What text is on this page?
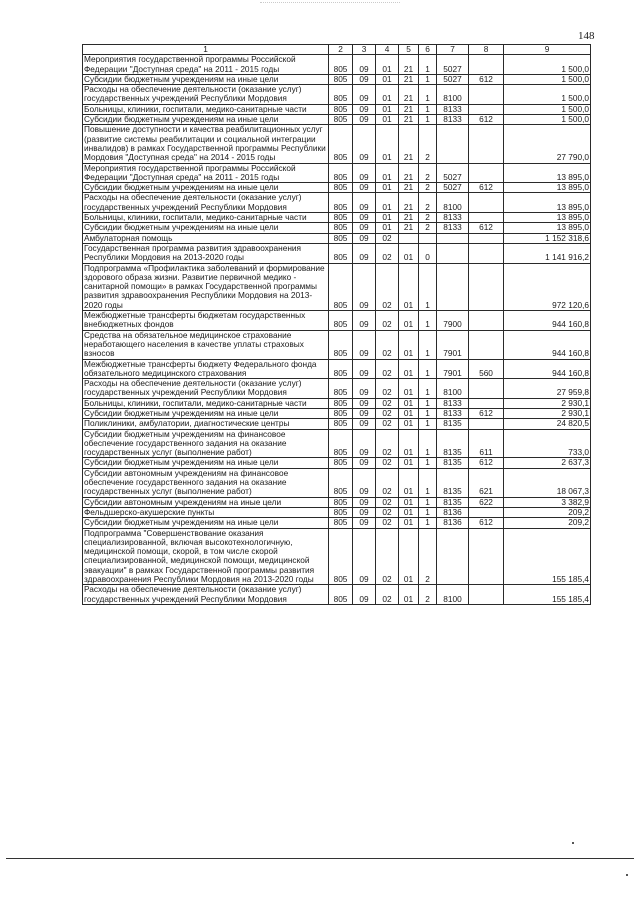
148
1	2	3	4	5	6	7	8	9
Мероприятия государственной программы Российской Федерации "Доступная среда" на 2011 - 2015 годы	805	09	01	21	1	5027		1 500,0
Субсидии бюджетным учреждениям на иные цели	805	09	01	21	1	5027	612	1 500,0
Расходы на обеспечение деятельности (оказание услуг) государственных учреждений Республики Мордовия	805	09	01	21	1	8100		1 500,0
Больницы, клиники, госпитали, медико-санитарные части	805	09	01	21	1	8133		1 500,0
Субсидии бюджетным учреждениям на иные цели	805	09	01	21	1	8133	612	1 500,0
Повышение доступности и качества реабилитационных услуг (развитие системы реабилитации и социальной интеграции инвалидов) в рамках Государственной программы Республики Мордовия "Доступная среда" на 2014 - 2015 годы	805	09	01	21	2			27 790,0
Мероприятия государственной программы Российской Федерации "Доступная среда" на 2011 - 2015 годы	805	09	01	21	2	5027		13 895,0
Субсидии бюджетным учреждениям на иные цели	805	09	01	21	2	5027	612	13 895,0
Расходы на обеспечение деятельности (оказание услуг) государственных учреждений Республики Мордовия	805	09	01	21	2	8100		13 895,0
Больницы, клиники, госпитали, медико-санитарные части	805	09	01	21	2	8133		13 895,0
Субсидии бюджетным учреждениям на иные цели	805	09	01	21	2	8133	612	13 895,0
Амбулаторная помощь	805	09	02					1 152 318,6
Государственная программа развития здравоохранения Республики Мордовия на 2013-2020 годы	805	09	02	01	0			1 141 916,2
Подпрограмма «Профилактика заболеваний и формирование здорового образа жизни. Развитие первичной медико - санитарной помощи» в рамках Государственной программы развития здравоохранения Республики Мордовия на 2013-2020 годы	805	09	02	01	1			972 120,6
Межбюджетные трансферты бюджетам государственных внебюджетных фондов	805	09	02	01	1	7900		944 160,8
Средства на обязательное медицинское страхование неработающего населения в качестве уплаты страховых взносов	805	09	02	01	1	7901		944 160,8
Межбюджетные трансферты бюджету Федерального фонда обязательного медицинского страхования	805	09	02	01	1	7901	560	944 160,8
Расходы на обеспечение деятельности (оказание услуг) государственных учреждений Республики Мордовия	805	09	02	01	1	8100		27 959,8
Больницы, клиники, госпитали, медико-санитарные части	805	09	02	01	1	8133		2 930,1
Субсидии бюджетным учреждениям на иные цели	805	09	02	01	1	8133	612	2 930,1
Поликлиники, амбулатории, диагностические центры	805	09	02	01	1	8135		24 820,5
Субсидии бюджетным учреждениям на финансовое обеспечение государственного задания на оказание государственных услуг (выполнение работ)	805	09	02	01	1	8135	611	733,0
Субсидии бюджетным учреждениям на иные цели	805	09	02	01	1	8135	612	2 637,3
Субсидии автономным учреждениям на финансовое обеспечение государственного задания на оказание государственных услуг (выполнение работ)	805	09	02	01	1	8135	621	18 067,3
Субсидии автономным учреждениям на иные цели	805	09	02	01	1	8135	622	3 382,9
Фельдшерско-акушерские пункты	805	09	02	01	1	8136		209,2
Субсидии бюджетным учреждениям на иные цели	805	09	02	01	1	8136	612	209,2
Подпрограмма "Совершенствование оказания специализированной, включая высокотехнологичную, медицинской помощи, скорой, в том числе скорой специализированной, медицинской помощи, медицинской эвакуации" в рамках Государственной программы развития здравоохранения Республики Мордовия на 2013-2020 годы	805	09	02	01	2			155 185,4
Расходы на обеспечение деятельности (оказание услуг) государственных учреждений Республики Мордовия	805	09	02	01	2	8100		155 185,4
